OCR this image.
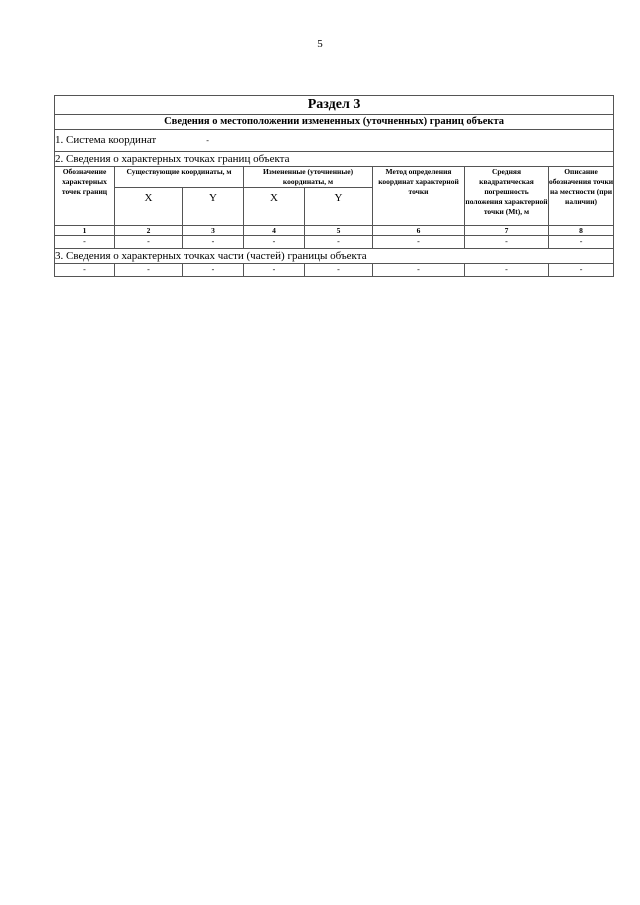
5
Раздел 3							
Сведения о местоположении измененных (уточненных) границ объекта							
1. Система координат -							
2. Сведения о характерных точках границ объекта							
Обозначение характерных точек границ	Существующие координаты, м		Измененные (уточненные) координаты, м		Метод определения координат характерной точки	Средняя квадратическая погрешность положения характерной точки (Mt), м	Описание обозначения точки на местности (при наличии)
	X	Y	X	Y			
1	2	3	4	5	6	7	8
-	-	-	-	-	-	-	-
3. Сведения о характерных точках части (частей) границы объекта							
-	-	-	-	-	-	-	-
